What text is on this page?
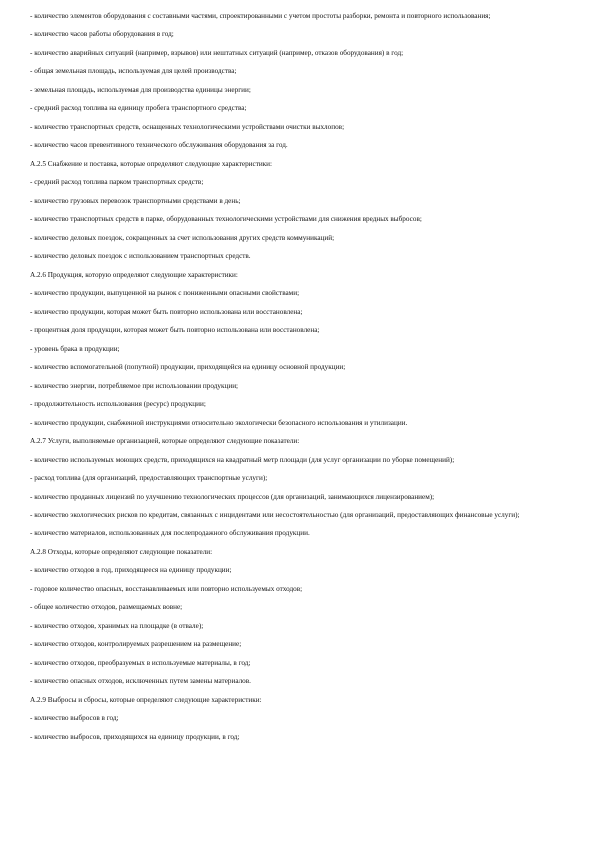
- количество элементов оборудования с составными частями, спроектированными с учетом простоты разборки, ремонта и повторного использования;

- количество часов работы оборудования в год;

- количество аварийных ситуаций (например, взрывов) или нештатных ситуаций (например, отказов оборудования) в год;

- общая земельная площадь, используемая для целей производства;

- земельная площадь, используемая для производства единицы энергии;

- средний расход топлива на единицу пробега транспортного средства;

- количество транспортных средств, оснащенных технологическими устройствами очистки выхлопов;

- количество часов превентивного технического обслуживания оборудования за год.

А.2.5 Снабжение и поставка, которые определяют следующие характеристики:

- средний расход топлива парком транспортных средств;

- количество грузовых перевозок транспортными средствами в день;

- количество транспортных средств в парке, оборудованных технологическими устройствами для снижения вредных выбросов;

- количество деловых поездок, сокращенных за счет использования других средств коммуникаций;

- количество деловых поездок с использованием транспортных средств.

А.2.6 Продукция, которую определяют следующие характеристики:

- количество продукции, выпущенной на рынок с пониженными опасными свойствами;

- количество продукции, которая может быть повторно использована или восстановлена;

- процентная доля продукции, которая может быть повторно использована или восстановлена;

- уровень брака в продукции;

- количество вспомогательной (попутной) продукции, приходящейся на единицу основной продукции;

- количество энергии, потребляемое при использовании продукции;

- продолжительность использования (ресурс) продукции;

- количество продукции, снабженной инструкциями относительно экологически безопасного использования и утилизации.

А.2.7 Услуги, выполняемые организацией, которые определяют следующие показатели:

- количество используемых моющих средств, приходящихся на квадратный метр площади (для услуг организации по уборке помещений);

- расход топлива (для организаций, предоставляющих транспортные услуги);

- количество проданных лицензий по улучшению технологических процессов (для организаций, занимающихся лицензированием);

- количество экологических рисков по кредитам, связанных с инцидентами или несостоятельностью (для организаций, предоставляющих финансовые услуги);

- количество материалов, использованных для послепродажного обслуживания продукции.

А.2.8 Отходы, которые определяют следующие показатели:

- количество отходов в год, приходящееся на единицу продукции;

- годовое количество опасных, восстанавливаемых или повторно используемых отходов;

- общее количество отходов, размещаемых вовне;

- количество отходов, хранимых на площадке (в отвале);

- количество отходов, контролируемых разрешением на размещение;

- количество отходов, преобразуемых в используемые материалы, в год;

- количество опасных отходов, исключенных путем замены материалов.

А.2.9 Выбросы и сбросы, которые определяют следующие характеристики:

- количество выбросов в год;

- количество выбросов, приходящихся на единицу продукции, в год;
